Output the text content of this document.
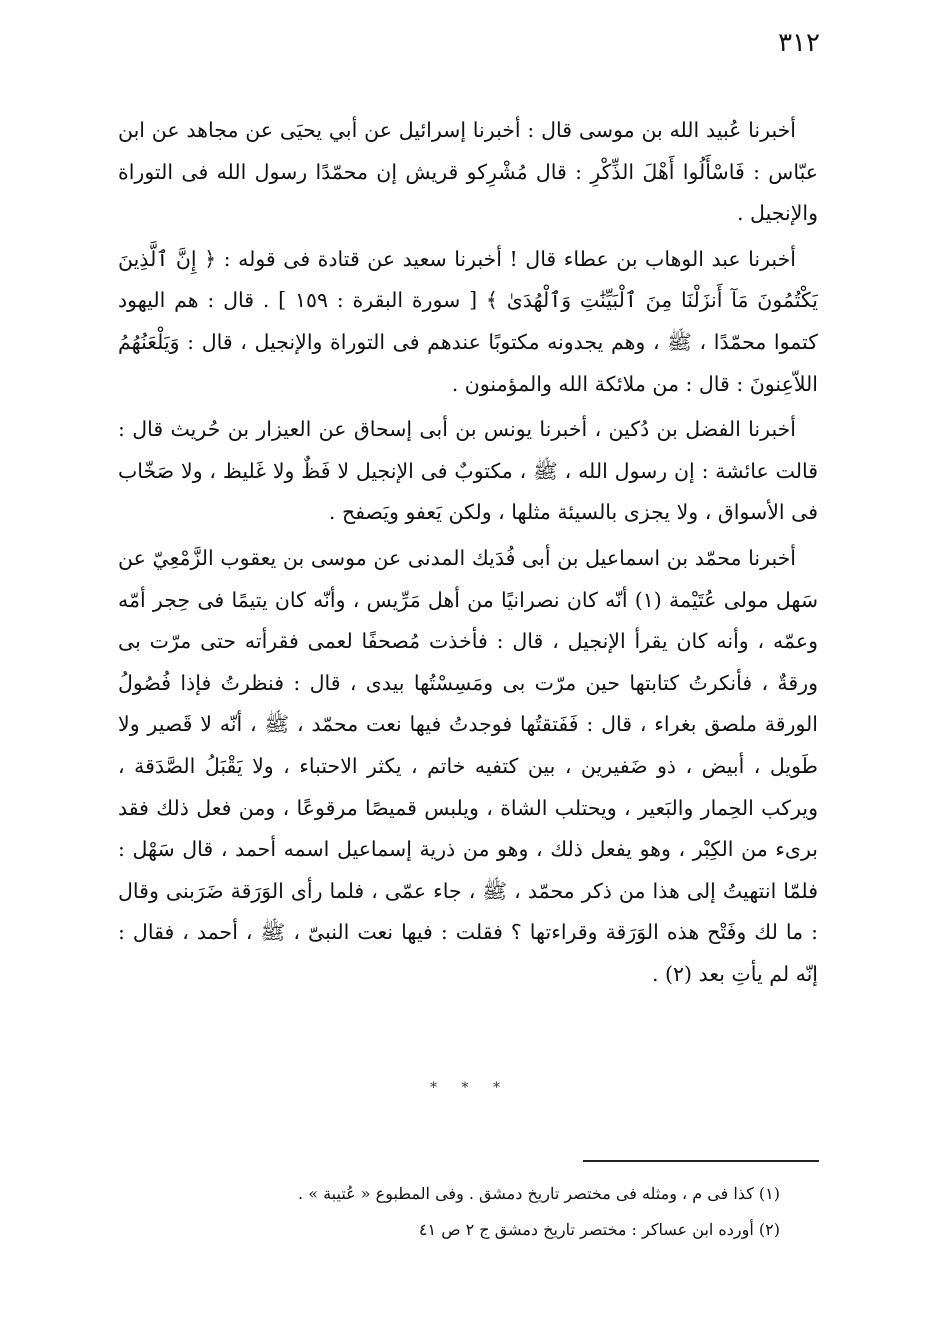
٣١٢

أخبرنا عُبيد الله بن موسى قال : أخبرنا إسرائيل عن أبي يحيَى عن مجاهد عن ابن عبّاس : فَاسْأَلُوا أَهْلَ الذِّكْرِ : قال مُشْرِكو قريش إن محمّدًا رسول الله فى التوراة والإنجيل .

أخبرنا عبد الوهاب بن عطاء قال ! أخبرنا سعيد عن قتادة فى قوله : ﴿ إِنَّ ٱلَّذِينَ يَكْتُمُونَ مَآ أَنزَلْنَا مِنَ ٱلْبَيِّنَٰتِ وَٱلْهُدَىٰ ﴾ [ سورة البقرة : ١٥٩ ] . قال : هم اليهود كتموا محمّدًا ، ﷺ ، وهم يجدونه مكتوبًا عندهم فى التوراة والإنجيل ، قال : وَيَلْعَنُهُمُ اللاّعِنونَ : قال : من ملائكة الله والمؤمنون .

أخبرنا الفضل بن دُكين ، أخبرنا يونس بن أبى إسحاق عن العيزار بن حُريث قال : قالت عائشة : إن رسول الله ، ﷺ ، مكتوبٌ فى الإنجيل لا فَظٌ ولا غَليظ ، ولا صَخّاب فى الأسواق ، ولا يجزى بالسيئة مثلها ، ولكن يَعفو ويَصفح .

أخبرنا محمّد بن اسماعيل بن أبى فُدَيك المدنى عن موسى بن يعقوب الزَّمْعِيّ عن سَهل مولى عُتَيْمة (١) أنّه كان نصرانيًا من أهل مَرِّيس ، وأنّه كان يتيمًا فى حِجر أمّه وعمّه ، وأنه كان يقرأ الإنجيل ، قال : فأخذت مُصحفًا لعمى فقرأته حتى مرّت بى ورقةٌ ، فأنكرتُ كتابتها حين مرّت بى ومَسِسْتُها بيدى ، قال : فنظرتُ فإذا فُصُولُ الورقة ملصق بغراء ، قال : فَفَتقتُها فوجدتُ فيها نعت محمّد ، ﷺ ، أنّه لا قَصير ولا طَويل ، أبيض ، ذو ضَفيرين ، بين كتفيه خاتم ، يكثر الاحتباء ، ولا يَقْبَلُ الصَّدَقة ، ويركب الحِمار والبَعير ، ويحتلب الشاة ، ويلبس قميصًا مرقوعًا ، ومن فعل ذلك فقد برىء من الكِبْر ، وهو يفعل ذلك ، وهو من ذرية إسماعيل اسمه أحمد ، قال سَهْل : فلمّا انتهيتُ إلى هذا من ذكر محمّد ، ﷺ ، جاء عمّى ، فلما رأى الوَرَقة ضَرَبنى وقال : ما لك وفَتْح هذه الوَرَقة وقراءتها ؟ فقلت : فيها نعت النبىّ ، ﷺ ، أحمد ، فقال : إنّه لم يأتِ بعد (٢) .

* * *

(١) كذا فى م ، ومثله فى مختصر تاريخ دمشق . وفى المطبوع « عُتيبة » .

(٢) أورده ابن عساكر : مختصر تاريخ دمشق ج ٢ ص ٤١
